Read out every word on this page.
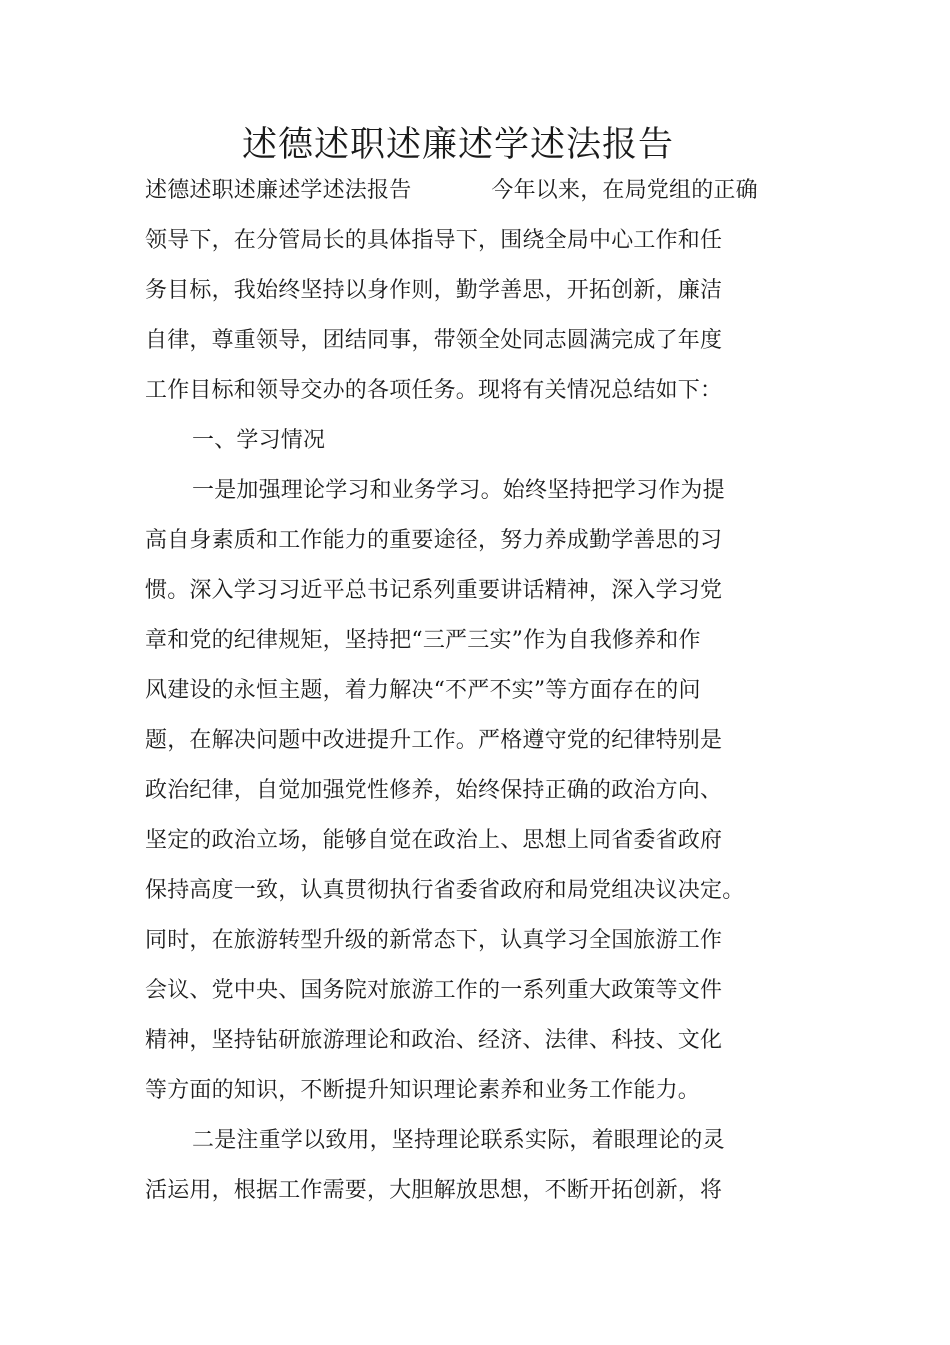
述德述职述廉述学述法报告
述德述职述廉述学述法报告	今年以来，在局党组的正确
领导下，在分管局长的具体指导下，围绕全局中心工作和任
务目标，我始终坚持以身作则，勤学善思，开拓创新，廉洁
自律，尊重领导，团结同事，带领全处同志圆满完成了年度
工作目标和领导交办的各项任务。现将有关情况总结如下：
一、学习情况
一是加强理论学习和业务学习。始终坚持把学习作为提
高自身素质和工作能力的重要途径，努力养成勤学善思的习
惯。深入学习习近平总书记系列重要讲话精神，深入学习党
章和党的纪律规矩，坚持把“三严三实”作为自我修养和作
风建设的永恒主题，着力解决“不严不实”等方面存在的问
题，在解决问题中改进提升工作。严格遵守党的纪律特别是
政治纪律，自觉加强党性修养，始终保持正确的政治方向、
坚定的政治立场，能够自觉在政治上、思想上同省委省政府
保持高度一致，认真贯彻执行省委省政府和局党组决议决定。
同时，在旅游转型升级的新常态下，认真学习全国旅游工作
会议、党中央、国务院对旅游工作的一系列重大政策等文件
精神，坚持钻研旅游理论和政治、经济、法律、科技、文化
等方面的知识，不断提升知识理论素养和业务工作能力。
二是注重学以致用，坚持理论联系实际，着眼理论的灵
活运用，根据工作需要，大胆解放思想，不断开拓创新，将
